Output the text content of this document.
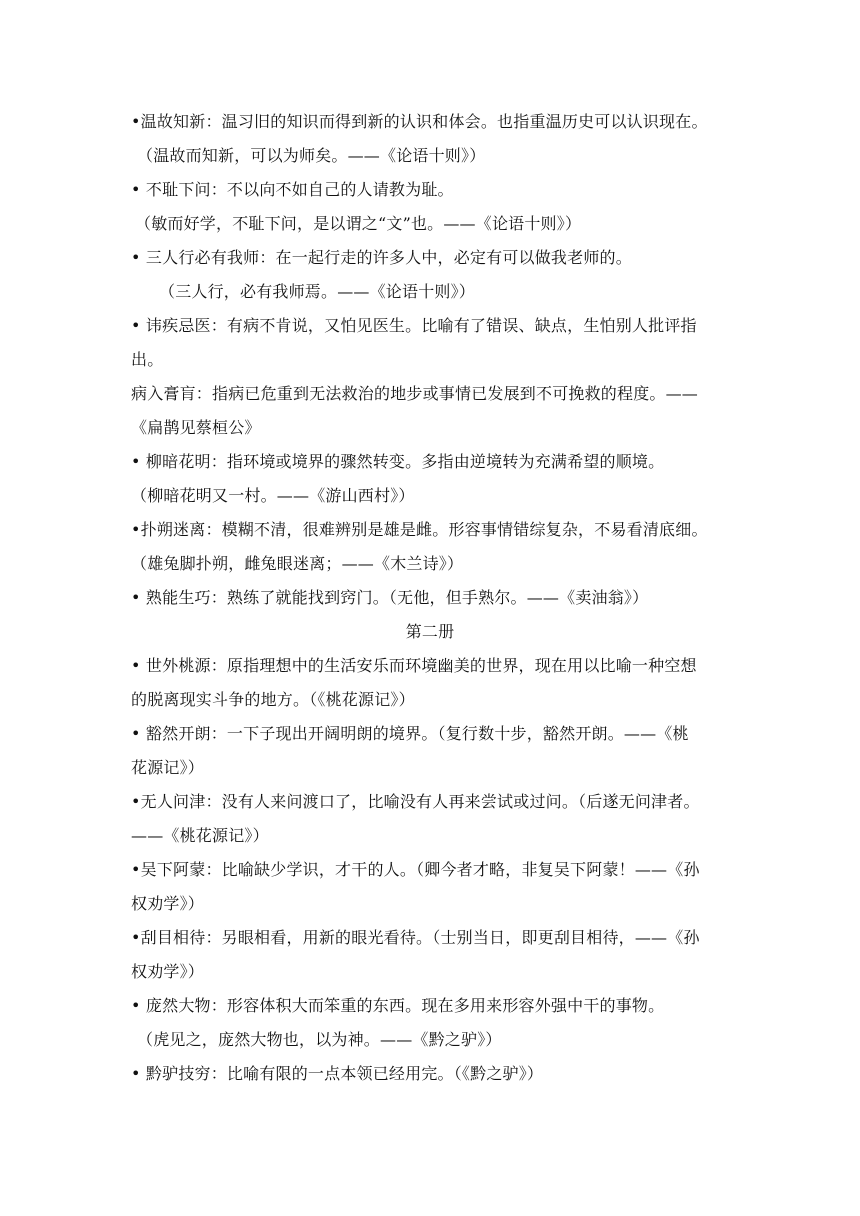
•温故知新：温习旧的知识而得到新的认识和体会。也指重温历史可以认识现在。
（温故而知新，可以为师矣。——《论语十则》）
• 不耻下问：不以向不如自己的人请教为耻。
（敏而好学，不耻下问，是以谓之“文”也。——《论语十则》）
• 三人行必有我师：在一起行走的许多人中，必定有可以做我老师的。
（三人行，必有我师焉。——《论语十则》）
• 讳疾忌医：有病不肯说，又怕见医生。比喻有了错误、缺点，生怕别人批评指
出。
病入膏肓：指病已危重到无法救治的地步或事情已发展到不可挽救的程度。——
《扁鹊见蔡桓公》
• 柳暗花明：指环境或境界的骤然转变。多指由逆境转为充满希望的顺境。
（柳暗花明又一村。——《游山西村》）
•扑朔迷离：模糊不清，很难辨别是雄是雌。形容事情错综复杂，不易看清底细。
（雄兔脚扑朔，雌兔眼迷离；——《木兰诗》）
• 熟能生巧：熟练了就能找到窍门。（无他，但手熟尔。——《卖油翁》）
第二册
• 世外桃源：原指理想中的生活安乐而环境幽美的世界，现在用以比喻一种空想
的脱离现实斗争的地方。（《桃花源记》）
• 豁然开朗：一下子现出开阔明朗的境界。（复行数十步，豁然开朗。——《桃
花源记》）
•无人问津：没有人来问渡口了，比喻没有人再来尝试或过问。（后遂无问津者。
——《桃花源记》）
•吴下阿蒙：比喻缺少学识，才干的人。（卿今者才略，非复吴下阿蒙！——《孙
权劝学》）
•刮目相待：另眼相看，用新的眼光看待。（士别当日，即更刮目相待，——《孙
权劝学》）
• 庞然大物：形容体积大而笨重的东西。现在多用来形容外强中干的事物。
（虎见之，庞然大物也，以为神。——《黔之驴》）
• 黔驴技穷：比喻有限的一点本领已经用完。（《黔之驴》）
